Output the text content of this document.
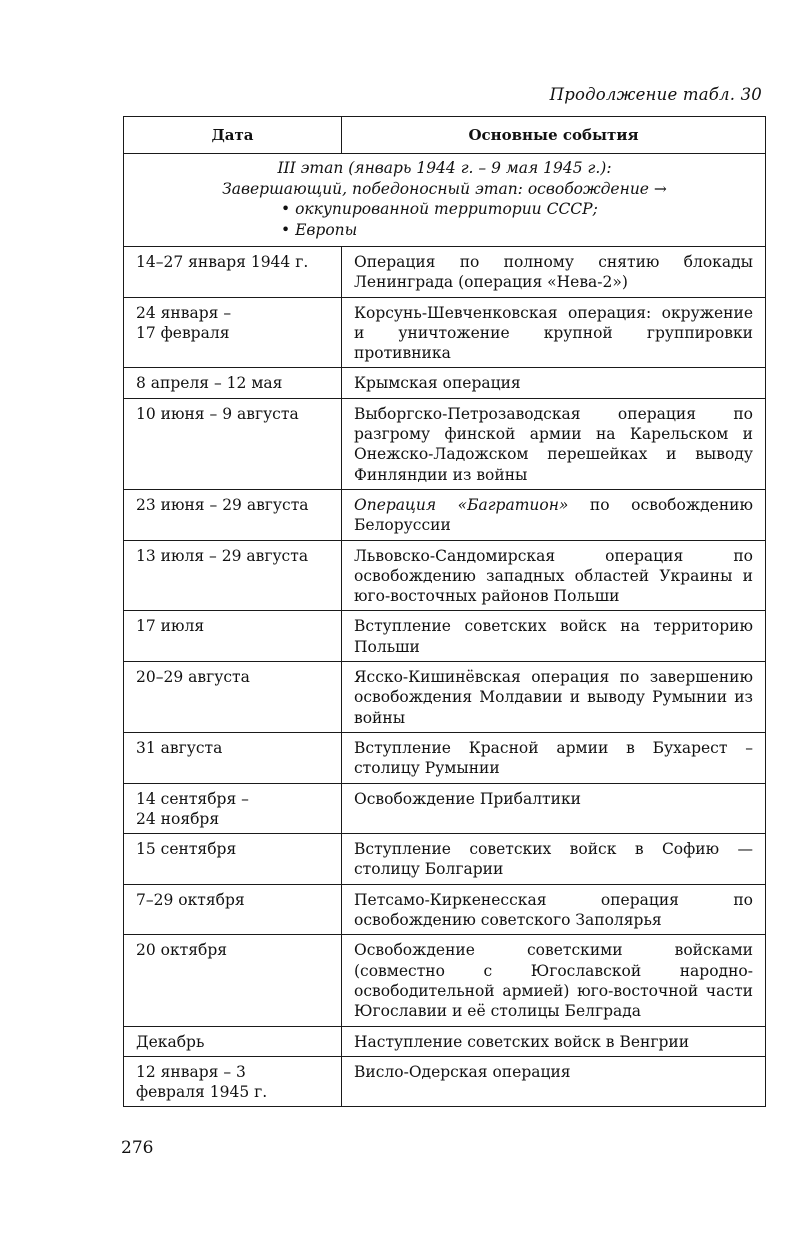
Продолжение табл. 30
Дата	Основные события

III этап (январь 1944 г. – 9 мая 1945 г.):
Завершающий, победоносный этап: освобождение →
• оккупированной территории СССР;
• Европы	

14–27 января 1944 г.	Операция по полному снятию блокады Ленинграда (операция «Нева-2»)

24 января – 17 февраля	Корсунь-Шевченковская операция: окружение и уничтожение крупной группировки противника

8 апреля – 12 мая	Крымская операция

10 июня – 9 августа	Выборгско-Петрозаводская операция по разгрому финской армии на Карельском и Онежско-Ладожском перешейках и выводу Финляндии из войны

23 июня – 29 августа	Операция «Багратион» по освобождению Белоруссии

13 июля – 29 августа	Львовско-Сандомирская операция по освобождению западных областей Украины и юго-восточных районов Польши

17 июля	Вступление советских войск на территорию Польши

20–29 августа	Ясско-Кишинёвская операция по завершению освобождения Молдавии и выводу Румынии из войны

31 августа	Вступление Красной армии в Бухарест – столицу Румынии

14 сентября – 24 ноября	Освобождение Прибалтики

15 сентября	Вступление советских войск в Софию — столицу Болгарии

7–29 октября	Петсамо-Киркенесская операция по освобождению советского Заполярья

20 октября	Освобождение советскими войсками (совместно с Югославской народно-освободительной армией) юго-восточной части Югославии и её столицы Белграда

Декабрь	Наступление советских войск в Венгрии

12 января – 3 февраля 1945 г.	Висло-Одерская операция
276
